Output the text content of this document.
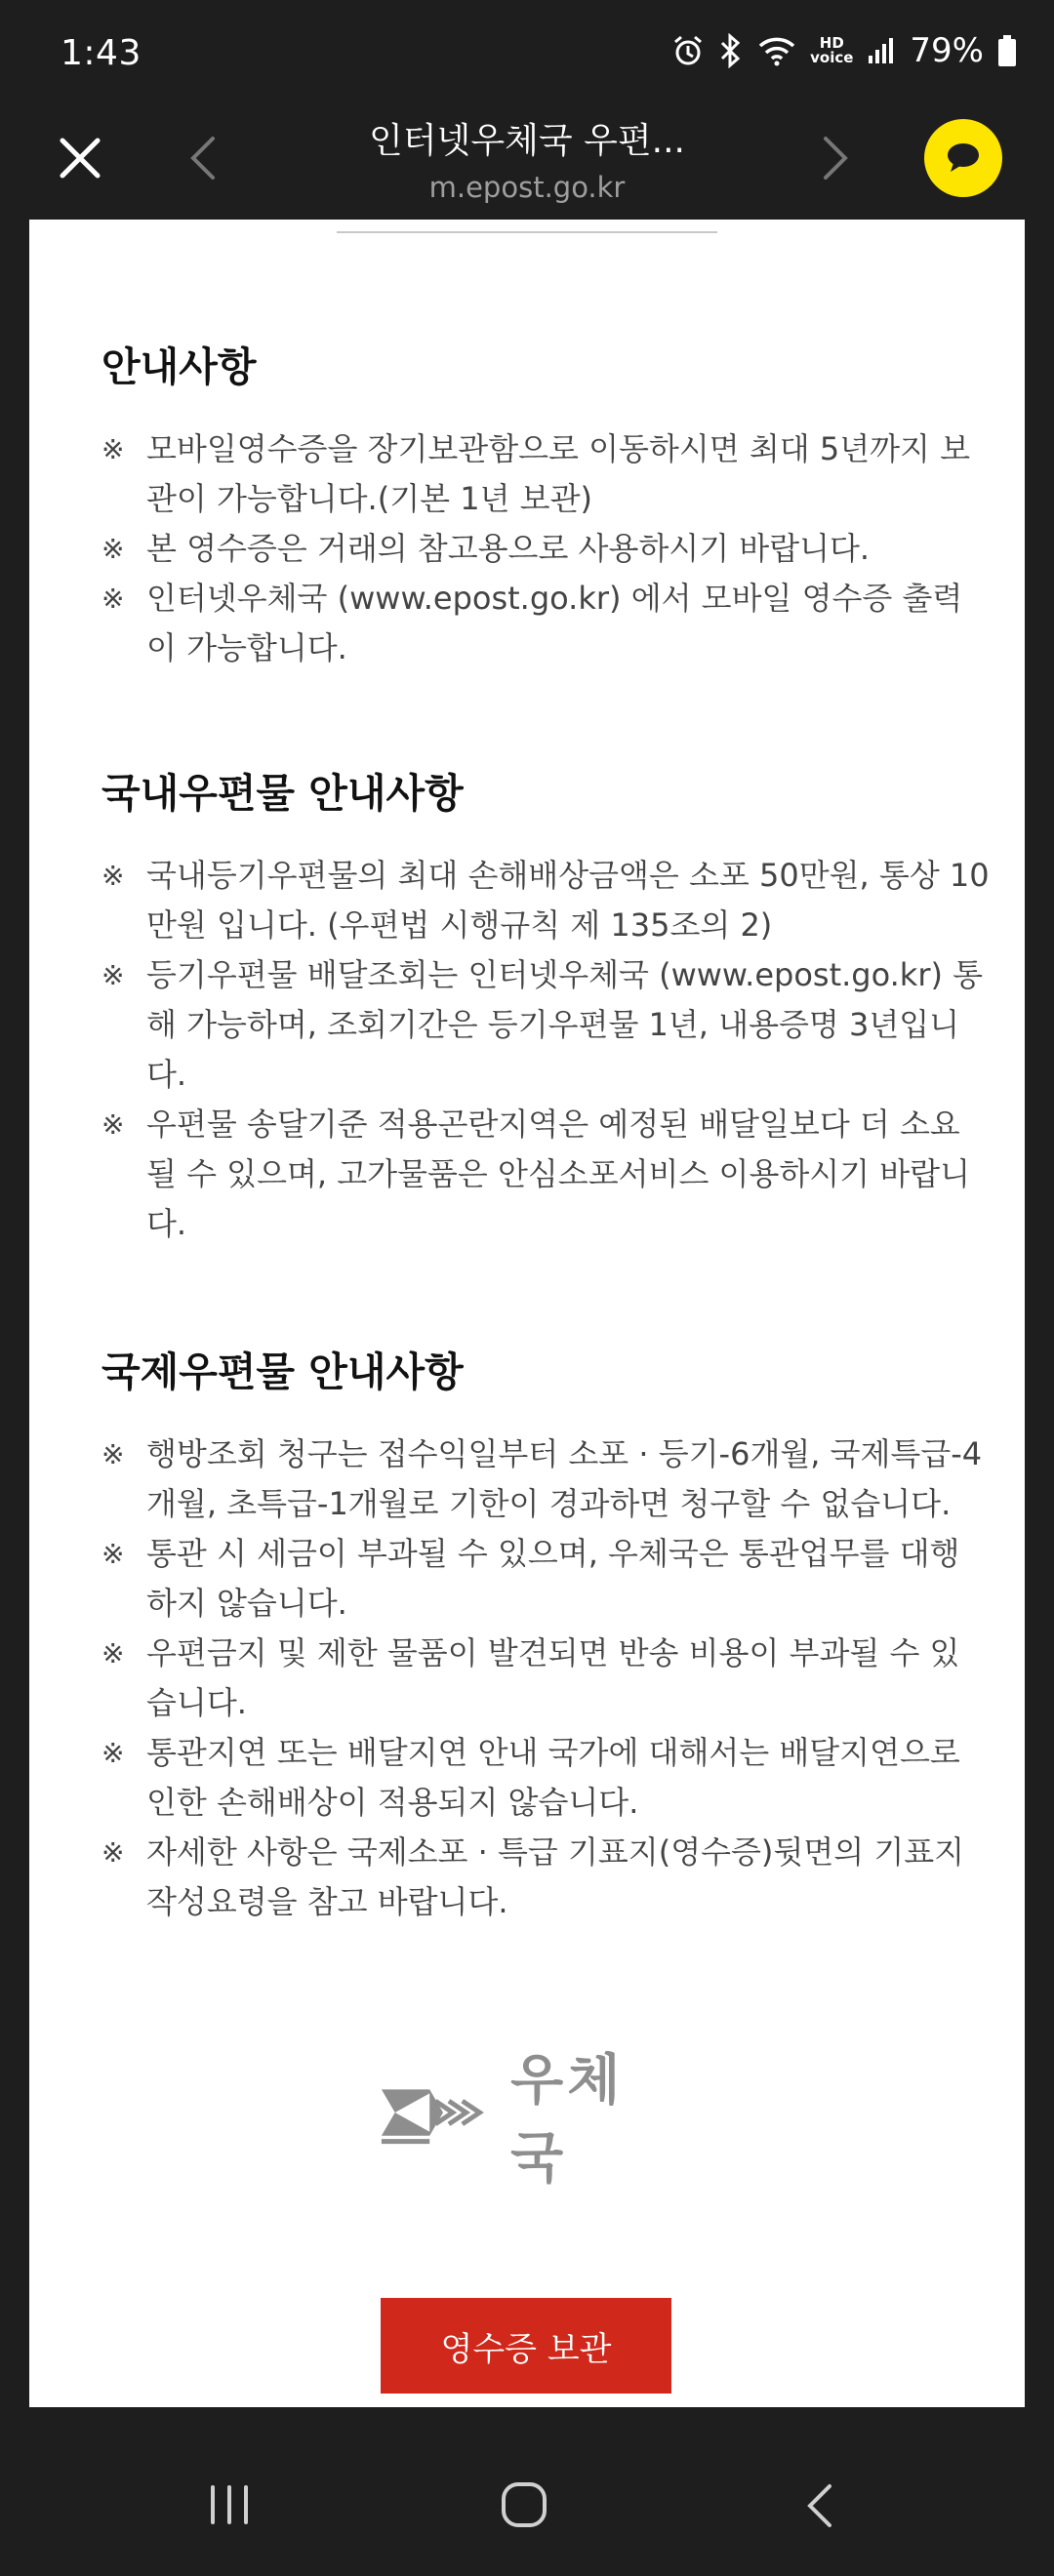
1:43	HD
voice 79%
인터넷우체국 우편...
m.epost.go.kr
안내사항
※ 모바일영수증을 장기보관함으로 이동하시면 최대 5년까지 보관이 가능합니다.(기본 1년 보관)
※ 본 영수증은 거래의 참고용으로 사용하시기 바랍니다.
※ 인터넷우체국 (www.epost.go.kr) 에서 모바일 영수증 출력이 가능합니다.
국내우편물 안내사항
※ 국내등기우편물의 최대 손해배상금액은 소포 50만원, 통상 10만원 입니다. (우편법 시행규칙 제 135조의 2)
※ 등기우편물 배달조회는 인터넷우체국 (www.epost.go.kr) 통해 가능하며, 조회기간은 등기우편물 1년, 내용증명 3년입니다.
※ 우편물 송달기준 적용곤란지역은 예정된 배달일보다 더 소요될 수 있으며, 고가물품은 안심소포서비스 이용하시기 바랍니다.
국제우편물 안내사항
※ 행방조회 청구는 접수익일부터 소포 · 등기-6개월, 국제특급-4개월, 초특급-1개월로 기한이 경과하면 청구할 수 없습니다.
※ 통관 시 세금이 부과될 수 있으며, 우체국은 통관업무를 대행 하지 않습니다.
※ 우편금지 및 제한 물품이 발견되면 반송 비용이 부과될 수 있습니다.
※ 통관지연 또는 배달지연 안내 국가에 대해서는 배달지연으로 인한 손해배상이 적용되지 않습니다.
※ 자세한 사항은 국제소포 · 특급 기표지(영수증)뒷면의 기표지 작성요령을 참고 바랍니다.
우체국
영수증 보관
